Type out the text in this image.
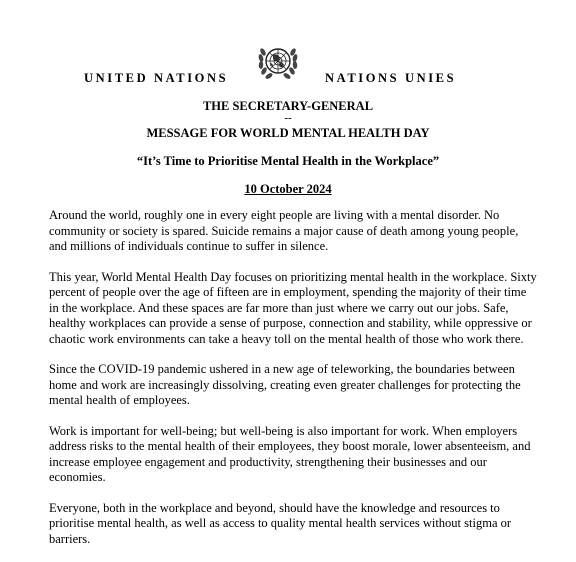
UNITED NATIONS	NATIONS UNIES
THE SECRETARY-GENERAL
--
MESSAGE FOR WORLD MENTAL HEALTH DAY
“It’s Time to Prioritise Mental Health in the Workplace”
10 October 2024

Around the world, roughly one in every eight people are living with a mental disorder. No community or society is spared. Suicide remains a major cause of death among young people, and millions of individuals continue to suffer in silence.

This year, World Mental Health Day focuses on prioritizing mental health in the workplace. Sixty percent of people over the age of fifteen are in employment, spending the majority of their time in the workplace. And these spaces are far more than just where we carry out our jobs. Safe, healthy workplaces can provide a sense of purpose, connection and stability, while oppressive or chaotic work environments can take a heavy toll on the mental health of those who work there.

Since the COVID-19 pandemic ushered in a new age of teleworking, the boundaries between home and work are increasingly dissolving, creating even greater challenges for protecting the mental health of employees.

Work is important for well-being; but well-being is also important for work. When employers address risks to the mental health of their employees, they boost morale, lower absenteeism, and increase employee engagement and productivity, strengthening their businesses and our economies.

Everyone, both in the workplace and beyond, should have the knowledge and resources to prioritise mental health, as well as access to quality mental health services without stigma or barriers.
